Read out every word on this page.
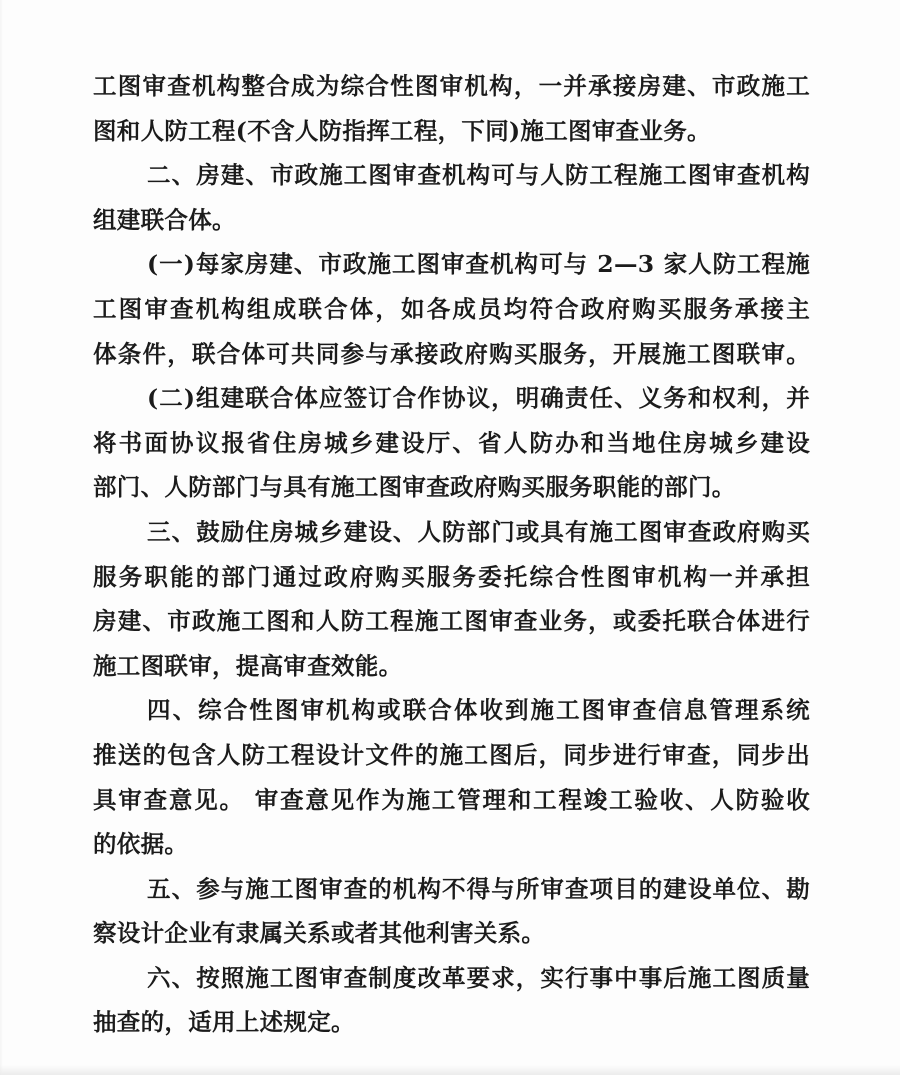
工图审查机构整合成为综合性图审机构，一并承接房建、市政施工
图和人防工程(不含人防指挥工程，下同)施工图审查业务。
二、房建、市政施工图审查机构可与人防工程施工图审查机构
组建联合体。
(一)每家房建、市政施工图审查机构可与 2—3 家人防工程施
工图审查机构组成联合体，如各成员均符合政府购买服务承接主
体条件，联合体可共同参与承接政府购买服务，开展施工图联审。
(二)组建联合体应签订合作协议，明确责任、义务和权利，并
将书面协议报省住房城乡建设厅、省人防办和当地住房城乡建设
部门、人防部门与具有施工图审查政府购买服务职能的部门。
三、鼓励住房城乡建设、人防部门或具有施工图审查政府购买
服务职能的部门通过政府购买服务委托综合性图审机构一并承担
房建、市政施工图和人防工程施工图审查业务，或委托联合体进行
施工图联审，提高审查效能。
四、综合性图审机构或联合体收到施工图审查信息管理系统
推送的包含人防工程设计文件的施工图后，同步进行审查，同步出
具审查意见。 审查意见作为施工管理和工程竣工验收、人防验收
的依据。
五、参与施工图审查的机构不得与所审查项目的建设单位、勘
察设计企业有隶属关系或者其他利害关系。
六、按照施工图审查制度改革要求，实行事中事后施工图质量
抽查的，适用上述规定。
